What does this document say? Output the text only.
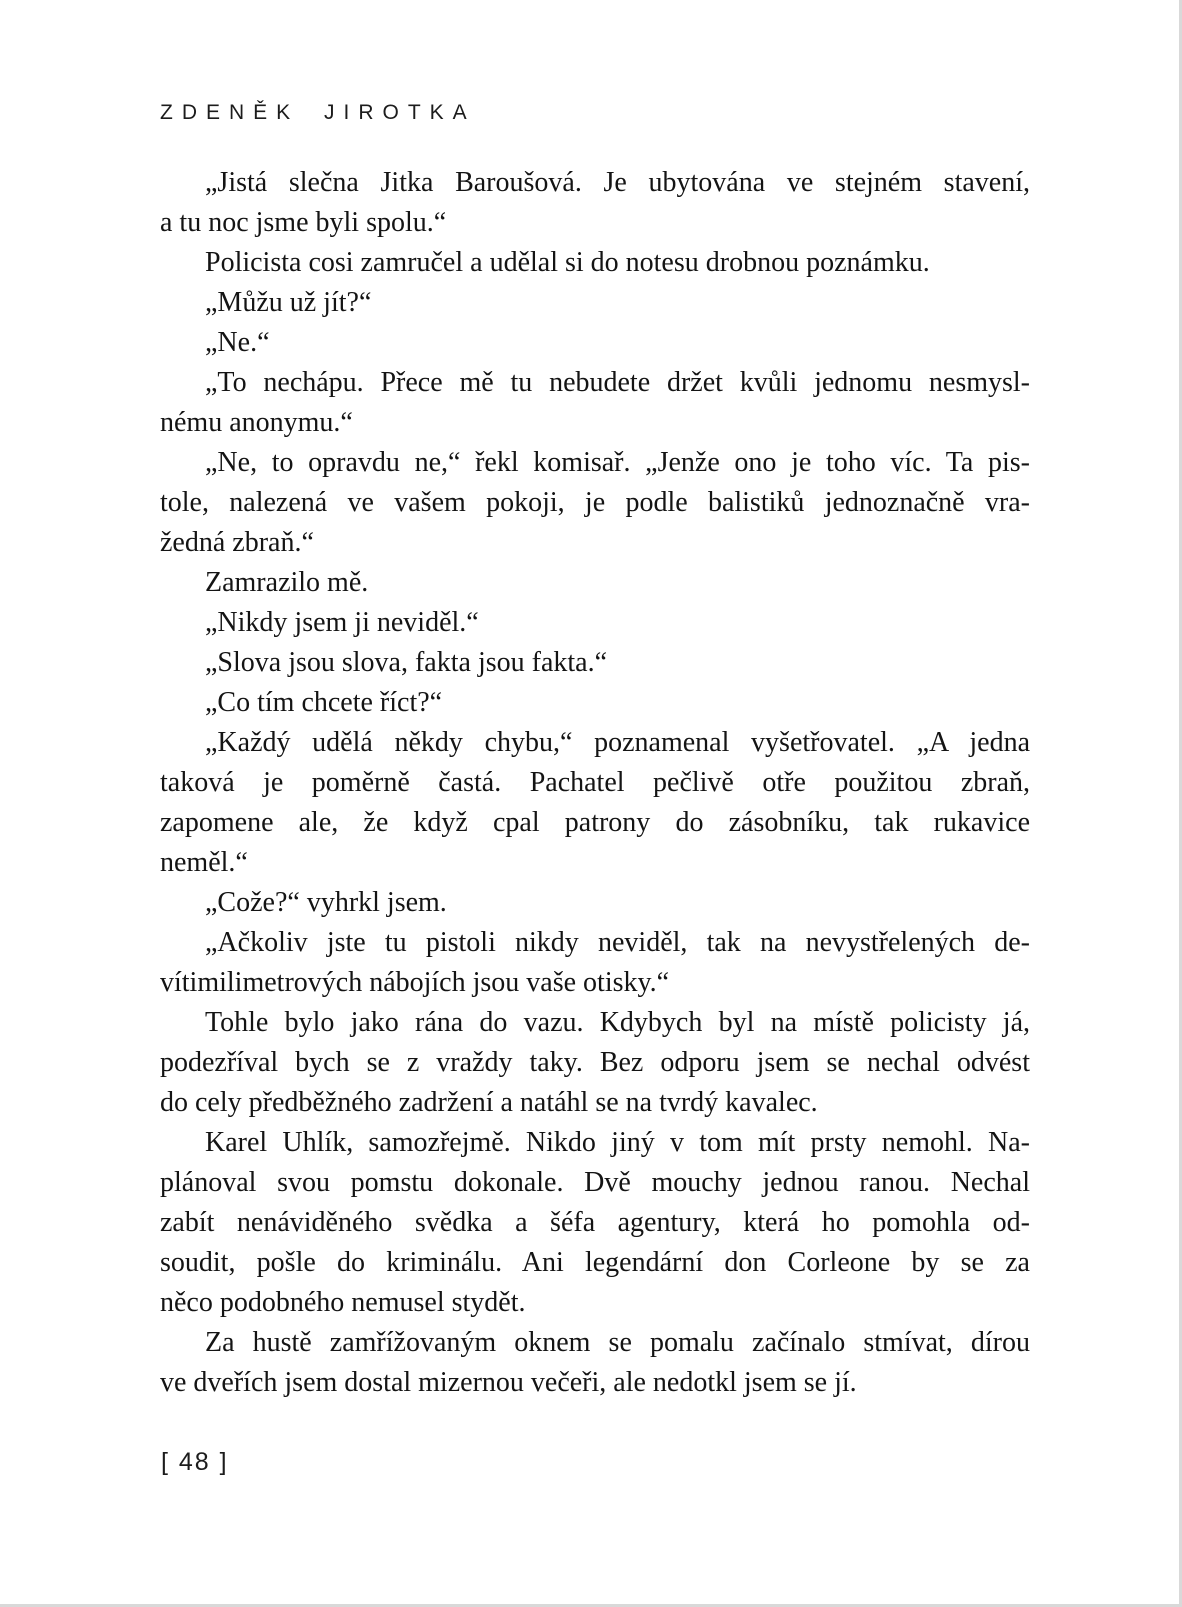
ZDENĚK JIROTKA
„Jistá slečna Jitka Baroušová. Je ubytována ve stejném stavení,
a tu noc jsme byli spolu.“
Policista cosi zamručel a udělal si do notesu drobnou poznámku.
„Můžu už jít?“
„Ne.“
„To nechápu. Přece mě tu nebudete držet kvůli jednomu nesmysl-
nému anonymu.“
„Ne, to opravdu ne,“ řekl komisař. „Jenže ono je toho víc. Ta pis-
tole, nalezená ve vašem pokoji, je podle balistiků jednoznačně vra-
žedná zbraň.“
Zamrazilo mě.
„Nikdy jsem ji neviděl.“
„Slova jsou slova, fakta jsou fakta.“
„Co tím chcete říct?“
„Každý udělá někdy chybu,“ poznamenal vyšetřovatel. „A jedna
taková je poměrně častá. Pachatel pečlivě otře použitou zbraň,
zapomene ale, že když cpal patrony do zásobníku, tak rukavice
neměl.“
„Cože?“ vyhrkl jsem.
„Ačkoliv jste tu pistoli nikdy neviděl, tak na nevystřelených de-
vítimilimetrových nábojích jsou vaše otisky.“
Tohle bylo jako rána do vazu. Kdybych byl na místě policisty já,
podezříval bych se z vraždy taky. Bez odporu jsem se nechal odvést
do cely předběžného zadržení a natáhl se na tvrdý kavalec.
Karel Uhlík, samozřejmě. Nikdo jiný v tom mít prsty nemohl. Na-
plánoval svou pomstu dokonale. Dvě mouchy jednou ranou. Nechal
zabít nenáviděného svědka a šéfa agentury, která ho pomohla od-
soudit, pošle do kriminálu. Ani legendární don Corleone by se za
něco podobného nemusel stydět.
Za hustě zamřížovaným oknem se pomalu začínalo stmívat, dírou
ve dveřích jsem dostal mizernou večeři, ale nedotkl jsem se jí.
[ 48 ]
